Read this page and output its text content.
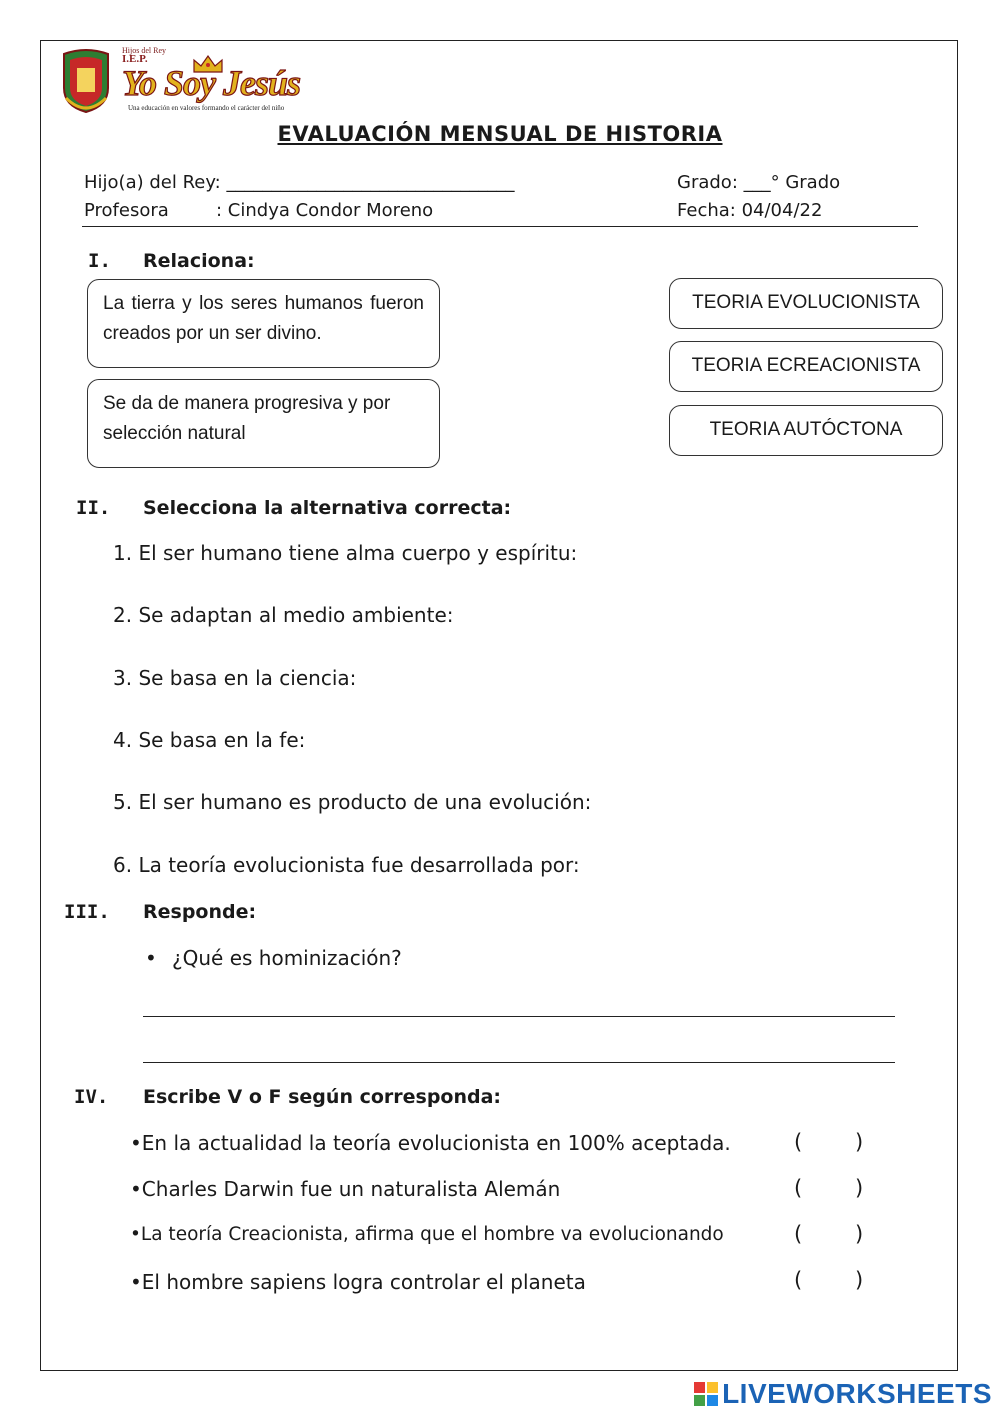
Hijos del Rey
I.E.P.
Yo Soy Jesús
Una educación en valores formando el carácter del niño
EVALUACIÓN MENSUAL DE HISTORIA
Hijo(a) del Rey: ________________________________
Profesora	: Cindya Condor Moreno
Grado: ___° Grado
Fecha: 04/04/22
I. Relaciona:
La tierra y los seres humanos fueron creados por un ser divino.
Se da de manera progresiva y por selección natural
TEORIA EVOLUCIONISTA
TEORIA ECREACIONISTA
TEORIA AUTÓCTONA
II. Selecciona la alternativa correcta:
1. El ser humano tiene alma cuerpo y espíritu:
2. Se adaptan al medio ambiente:
3. Se basa en la ciencia:
4. Se basa en la fe:
5. El ser humano es producto de una evolución:
6. La teoría evolucionista fue desarrollada por:
III. Responde:
• ¿Qué es hominización?
IV. Escribe V o F según corresponda:
•En la actualidad la teoría evolucionista en 100% aceptada.	(	)
•Charles Darwin fue un naturalista Alemán	(	)
•La teoría Creacionista, afirma que el hombre va evolucionando	(	)
•El hombre sapiens logra controlar el planeta	(	)
LIVEWORKSHEETS
